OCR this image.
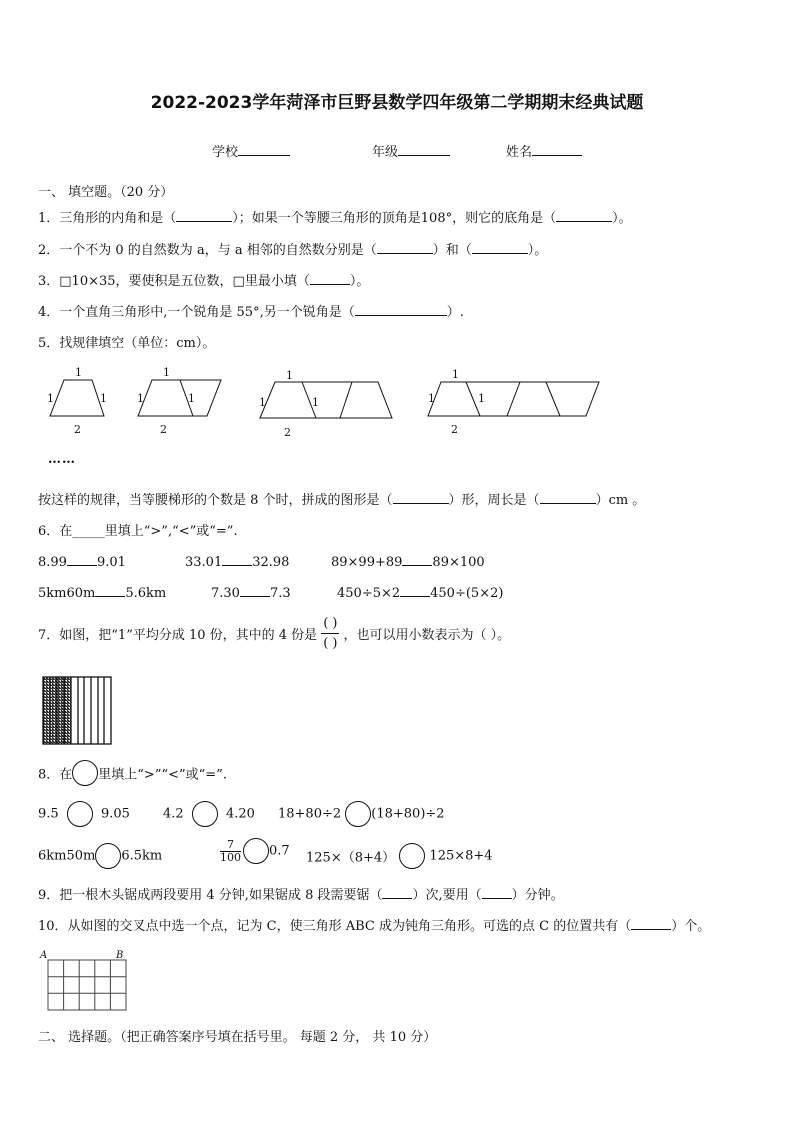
2022-2023学年菏泽市巨野县数学四年级第二学期期末经典试题
学校	年级	姓名
一、 填空题。（20 分）
1．三角形的内角和是（	）；如果一个等腰三角形的顶角是108°，则它的底角是（	）。
2．一个不为 0 的自然数为 a，与 a 相邻的自然数分别是（	）和（	）。
3．□10×35，要使积是五位数，□里最小填（	）。
4．一个直角三角形中,一个锐角是 55°,另一个锐角是（	）.
5．找规律填空（单位：cm）。
1
1	1
2
1
1	1
2
1
1	1
2
1
1	1
2
……
按这样的规律，当等腰梯形的个数是 8 个时，拼成的图形是（	）形，周长是（	）cm 。
6．在_____里填上“>”,“<”或“=”.
8.99 9.01	33.01 32.98	89×99+89 89×100
5km60m 5.6km	7.30 7.3	450÷5×2 450÷(5×2)
7．如图，把“1”平均分成 10 份，其中的 4 份是
( )
( )
，也可以用小数表示为（ ）。
8．在 里填上“>”“<”或“=”.
9.5	9.05	4.2	4.20 18+80÷2 (18+80)÷2
6km50m 6.5km	$\frac{7}{100} 0.7$ 125×（8+4）	125×8+4
9．把一根木头锯成两段要用 4 分钟,如果锯成 8 段需要锯（ ）次,要用（ ）分钟。
10．从如图的交叉点中选一个点，记为 C，使三角形 ABC 成为钝角三角形。可选的点 C 的位置共有（	）个。
A	B
二、 选择题。（把正确答案序号填在括号里。 每题 2 分， 共 10 分）
